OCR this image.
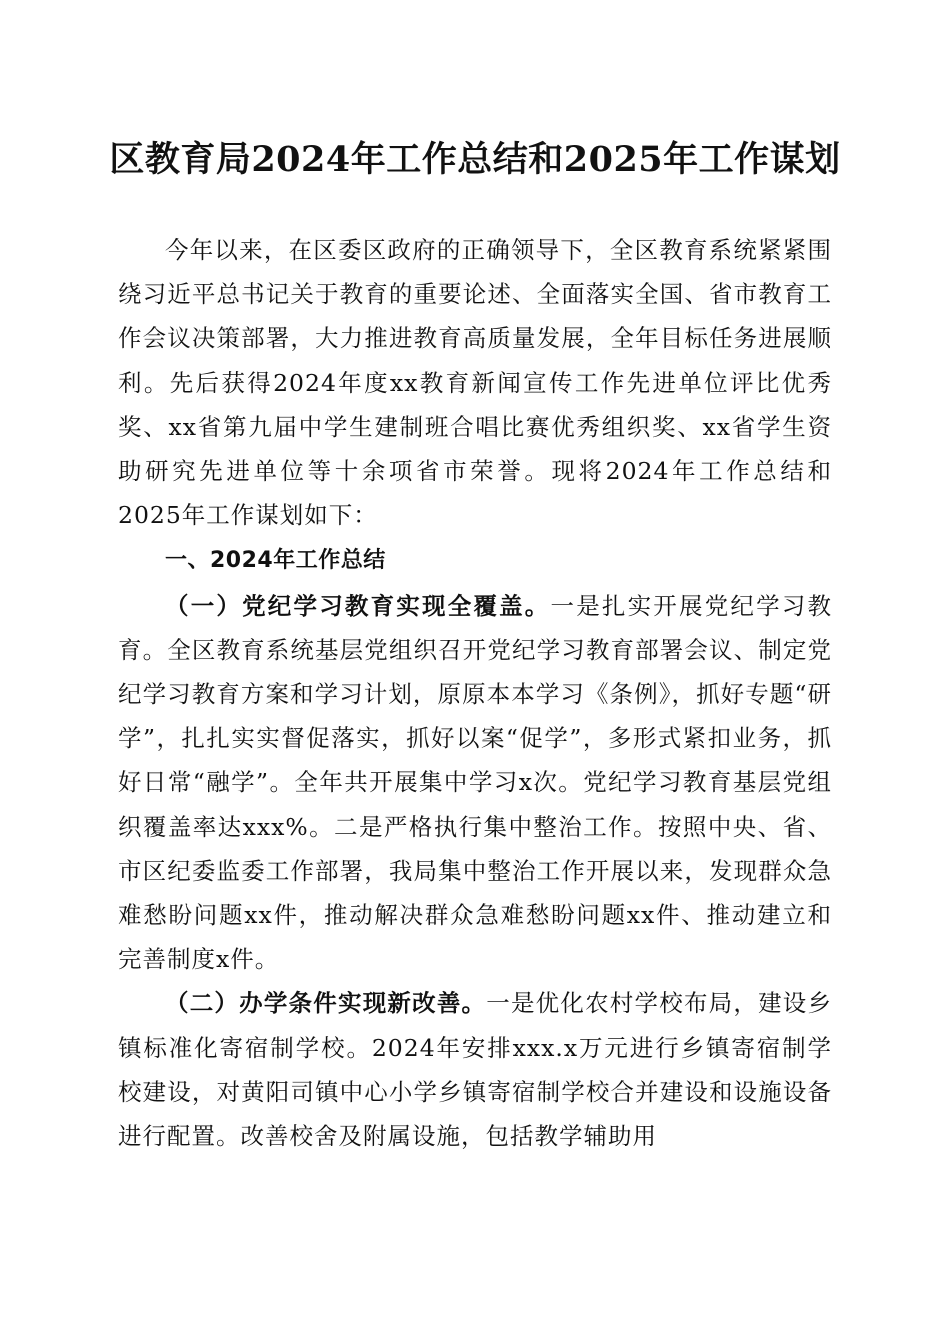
区教育局2024年工作总结和2025年工作谋划

今年以来，在区委区政府的正确领导下，全区教育系统紧紧围绕习近平总书记关于教育的重要论述、全面落实全国、省市教育工作会议决策部署，大力推进教育高质量发展，全年目标任务进展顺利。先后获得2024年度xx教育新闻宣传工作先进单位评比优秀奖、xx省第九届中学生建制班合唱比赛优秀组织奖、xx省学生资助研究先进单位等十余项省市荣誉。现将2024年工作总结和2025年工作谋划如下：

一、2024年工作总结

（一）党纪学习教育实现全覆盖。一是扎实开展党纪学习教育。全区教育系统基层党组织召开党纪学习教育部署会议、制定党纪学习教育方案和学习计划，原原本本学习《条例》，抓好专题“研学”，扎扎实实督促落实，抓好以案“促学”，多形式紧扣业务，抓好日常“融学”。全年共开展集中学习x次。党纪学习教育基层党组织覆盖率达xxx%。二是严格执行集中整治工作。按照中央、省、市区纪委监委工作部署，我局集中整治工作开展以来，发现群众急难愁盼问题xx件，推动解决群众急难愁盼问题xx件、推动建立和完善制度x件。

（二）办学条件实现新改善。一是优化农村学校布局，建设乡镇标准化寄宿制学校。2024年安排xxx.x万元进行乡镇寄宿制学校建设，对黄阳司镇中心小学乡镇寄宿制学校合并建设和设施设备进行配置。改善校舍及附属设施，包括教学辅助用
